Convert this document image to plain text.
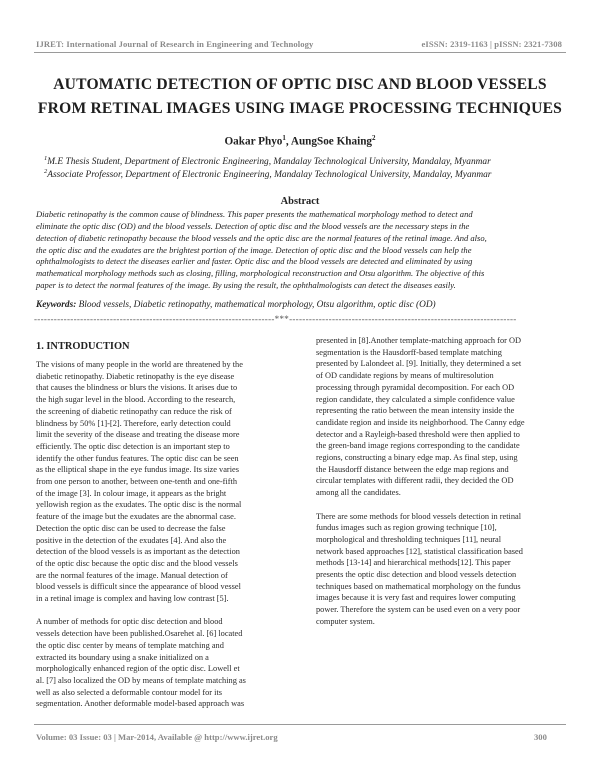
IJRET: International Journal of Research in Engineering and Technology	eISSN: 2319-1163 | pISSN: 2321-7308
AUTOMATIC DETECTION OF OPTIC DISC AND BLOOD VESSELS
FROM RETINAL IMAGES USING IMAGE PROCESSING TECHNIQUES
Oakar Phyo$^1$, AungSoe Khaing$^2$
$^1$M.E Thesis Student, Department of Electronic Engineering, Mandalay Technological University, Mandalay, Myanmar
$^2$Associate Professor, Department of Electronic Engineering, Mandalay Technological University, Mandalay, Myanmar
Abstract
Diabetic retinopathy is the common cause of blindness. This paper presents the mathematical morphology method to detect and
eliminate the optic disc (OD) and the blood vessels. Detection of optic disc and the blood vessels are the necessary steps in the
detection of diabetic retinopathy because the blood vessels and the optic disc are the normal features of the retinal image. And also,
the optic disc and the exudates are the brightest portion of the image. Detection of optic disc and the blood vessels can help the
ophthalmologists to detect the diseases earlier and faster. Optic disc and the blood vessels are detected and eliminated by using
mathematical morphology methods such as closing, filling, morphological reconstruction and Otsu algorithm. The objective of this
paper is to detect the normal features of the image. By using the result, the ophthalmologists can detect the diseases easily.
Keywords: Blood vessels, Diabetic retinopathy, mathematical morphology, Otsu algorithm, optic disc (OD)
-------------------------------------------------------------------------***---------------------------------------------------------------------
1. INTRODUCTION
The visions of many people in the world are threatened by the
diabetic retinopathy. Diabetic retinopathy is the eye disease
that causes the blindness or blurs the visions. It arises due to
the high sugar level in the blood. According to the research,
the screening of diabetic retinopathy can reduce the risk of
blindness by 50% [1]-[2]. Therefore, early detection could
limit the severity of the disease and treating the disease more
efficiently. The optic disc detection is an important step to
identify the other fundus features. The optic disc can be seen
as the elliptical shape in the eye fundus image. Its size varies
from one person to another, between one-tenth and one-fifth
of the image [3]. In colour image, it appears as the bright
yellowish region as the exudates. The optic disc is the normal
feature of the image but the exudates are the abnormal case.
Detection the optic disc can be used to decrease the false
positive in the detection of the exudates [4]. And also the
detection of the blood vessels is as important as the detection
of the optic disc because the optic disc and the blood vessels
are the normal features of the image. Manual detection of
blood vessels is difficult since the appearance of blood vessel
in a retinal image is complex and having low contrast [5].

A number of methods for optic disc detection and blood
vessels detection have been published.Osarehet al. [6] located
the optic disc center by means of template matching and
extracted its boundary using a snake initialized on a
morphologically enhanced region of the optic disc. Lowell et
al. [7] also localized the OD by means of template matching as
well as also selected a deformable contour model for its
segmentation. Another deformable model-based approach was
presented in [8].Another template-matching approach for OD
segmentation is the Hausdorff-based template matching
presented by Lalondeet al. [9]. Initially, they determined a set
of OD candidate regions by means of multiresolution
processing through pyramidal decomposition. For each OD
region candidate, they calculated a simple confidence value
representing the ratio between the mean intensity inside the
candidate region and inside its neighborhood. The Canny edge
detector and a Rayleigh-based threshold were then applied to
the green-band image regions corresponding to the candidate
regions, constructing a binary edge map. As final step, using
the Hausdorff distance between the edge map regions and
circular templates with different radii, they decided the OD
among all the candidates.

There are some methods for blood vessels detection in retinal
fundus images such as region growing technique [10],
morphological and thresholding techniques [11], neural
network based approaches [12], statistical classification based
methods [13-14] and hierarchical methods[12]. This paper
presents the optic disc detection and blood vessels detection
techniques based on mathematical morphology on the fundus
images because it is very fast and requires lower computing
power. Therefore the system can be used even on a very poor
computer system.
Volume: 03 Issue: 03 | Mar-2014, Available @ http://www.ijret.org	300
